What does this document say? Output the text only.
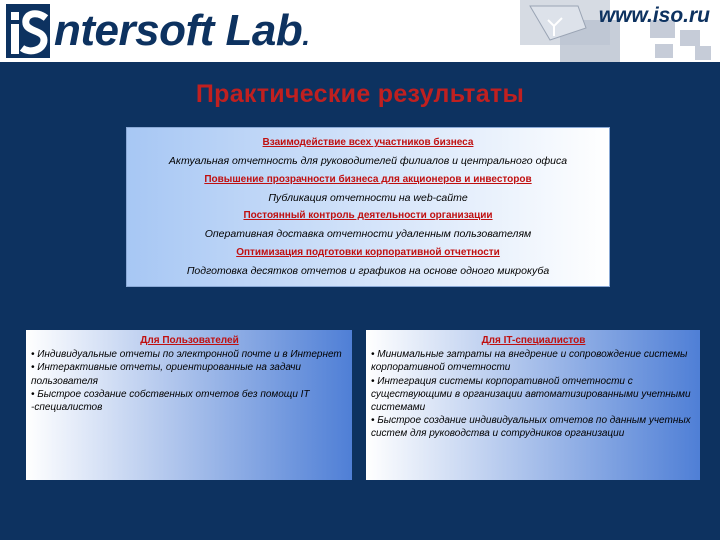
ntersoft Lab.
www.iso.ru
Практические результаты
Взаимодействие всех участников бизнеса
Актуальная отчетность для руководителей филиалов и центрального офиса
Повышение прозрачности бизнеса для акционеров и инвесторов
Публикация отчетности на web-сайте
Постоянный контроль деятельности организации
Оперативная доставка отчетности удаленным пользователям
Оптимизация подготовки корпоративной отчетности
Подготовка десятков отчетов и графиков на основе одного микрокуба
Для Пользователей
• Индивидуальные отчеты по электронной почте и в Интернет
• Интерактивные отчеты, ориентированные на задачи пользователя
• Быстрое создание собственных отчетов без помощи IT -специалистов
Для IT-специалистов
• Минимальные затраты на внедрение и сопровождение системы корпоративной отчетности
• Интеграция системы корпоративной отчетности с существующими в организации автоматизированными учетными системами
• Быстрое создание индивидуальных отчетов по данным учетных систем для руководства и сотрудников организации
